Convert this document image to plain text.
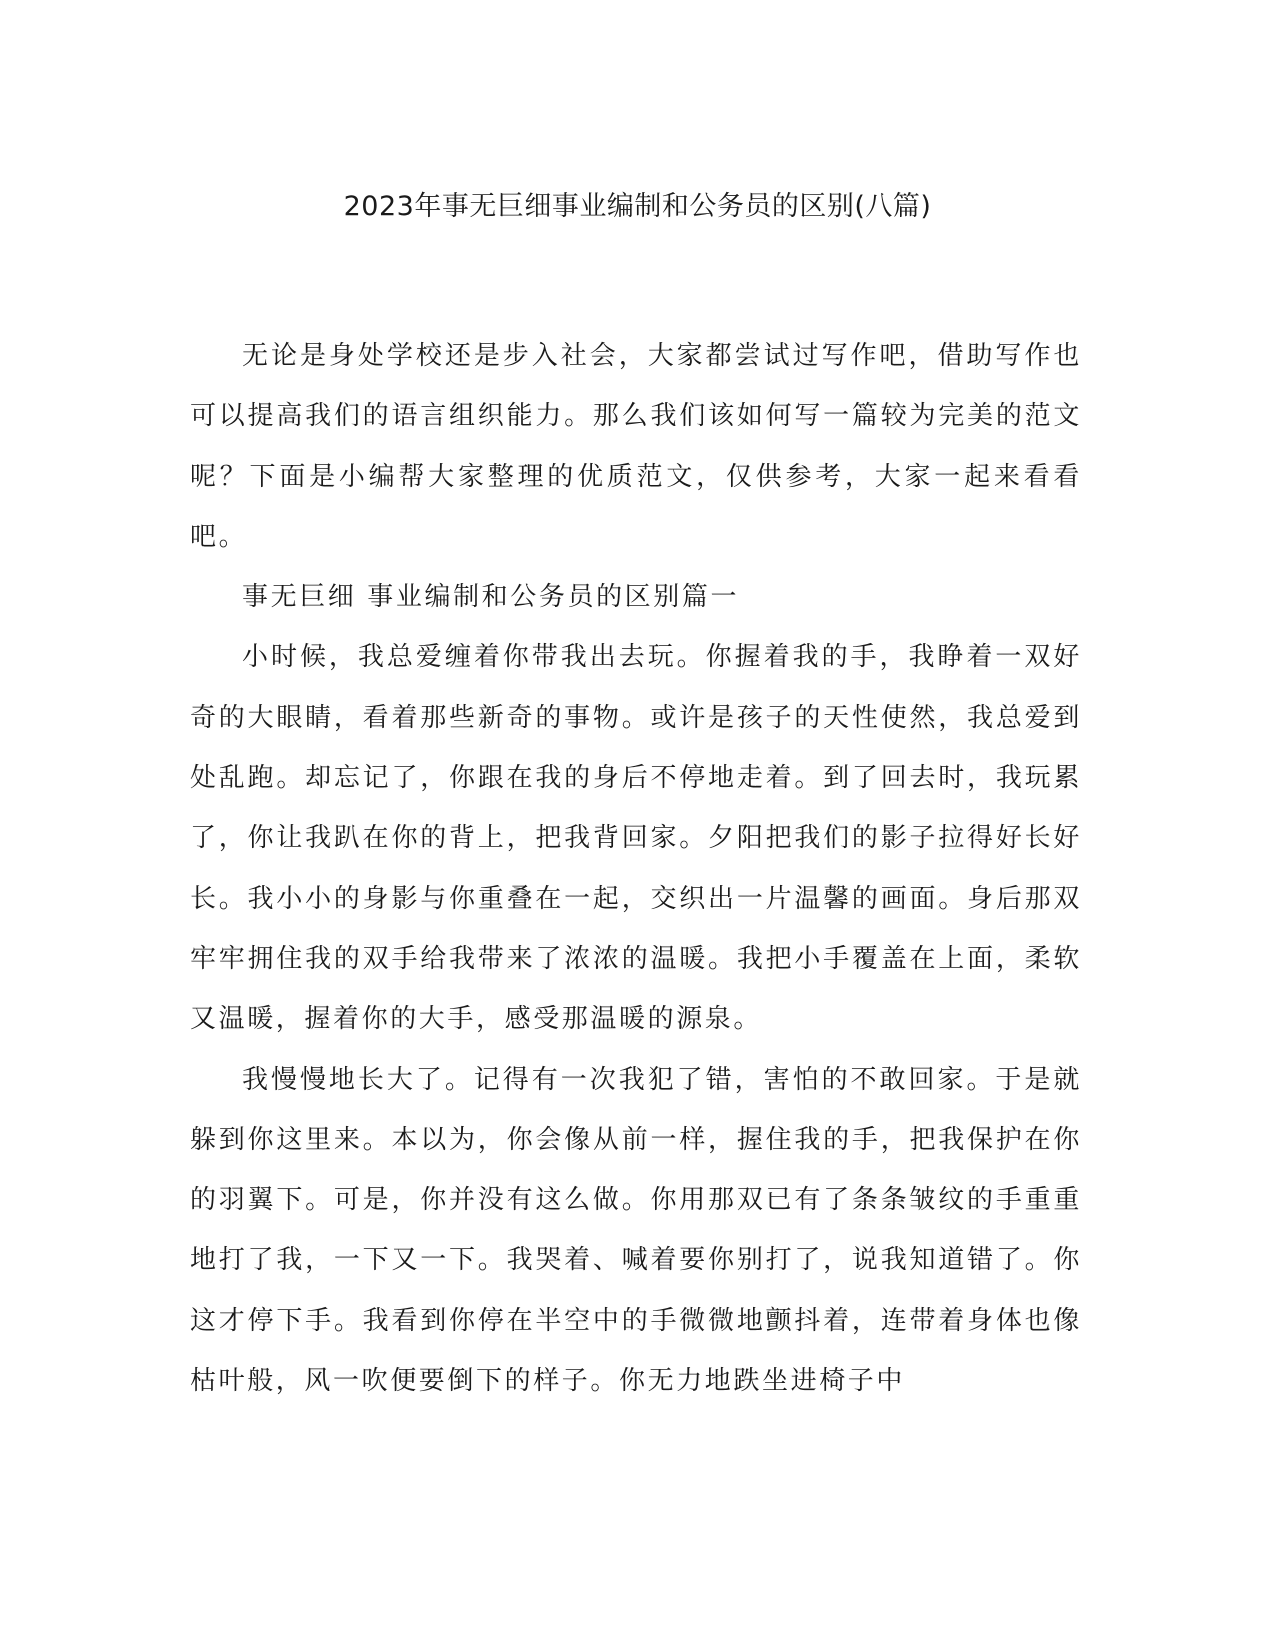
2023年事无巨细事业编制和公务员的区别(八篇)

无论是身处学校还是步入社会，大家都尝试过写作吧，借助写作也可以提高我们的语言组织能力。那么我们该如何写一篇较为完美的范文呢？下面是小编帮大家整理的优质范文，仅供参考，大家一起来看看吧。

事无巨细 事业编制和公务员的区别篇一

小时候，我总爱缠着你带我出去玩。你握着我的手，我睁着一双好奇的大眼睛，看着那些新奇的事物。或许是孩子的天性使然，我总爱到处乱跑。却忘记了，你跟在我的身后不停地走着。到了回去时，我玩累了，你让我趴在你的背上，把我背回家。夕阳把我们的影子拉得好长好长。我小小的身影与你重叠在一起，交织出一片温馨的画面。身后那双牢牢拥住我的双手给我带来了浓浓的温暖。我把小手覆盖在上面，柔软又温暖，握着你的大手，感受那温暖的源泉。

我慢慢地长大了。记得有一次我犯了错，害怕的不敢回家。于是就躲到你这里来。本以为，你会像从前一样，握住我的手，把我保护在你的羽翼下。可是，你并没有这么做。你用那双已有了条条皱纹的手重重地打了我，一下又一下。我哭着、喊着要你别打了，说我知道错了。你这才停下手。我看到你停在半空中的手微微地颤抖着，连带着身体也像枯叶般，风一吹便要倒下的样子。你无力地跌坐进椅子中
